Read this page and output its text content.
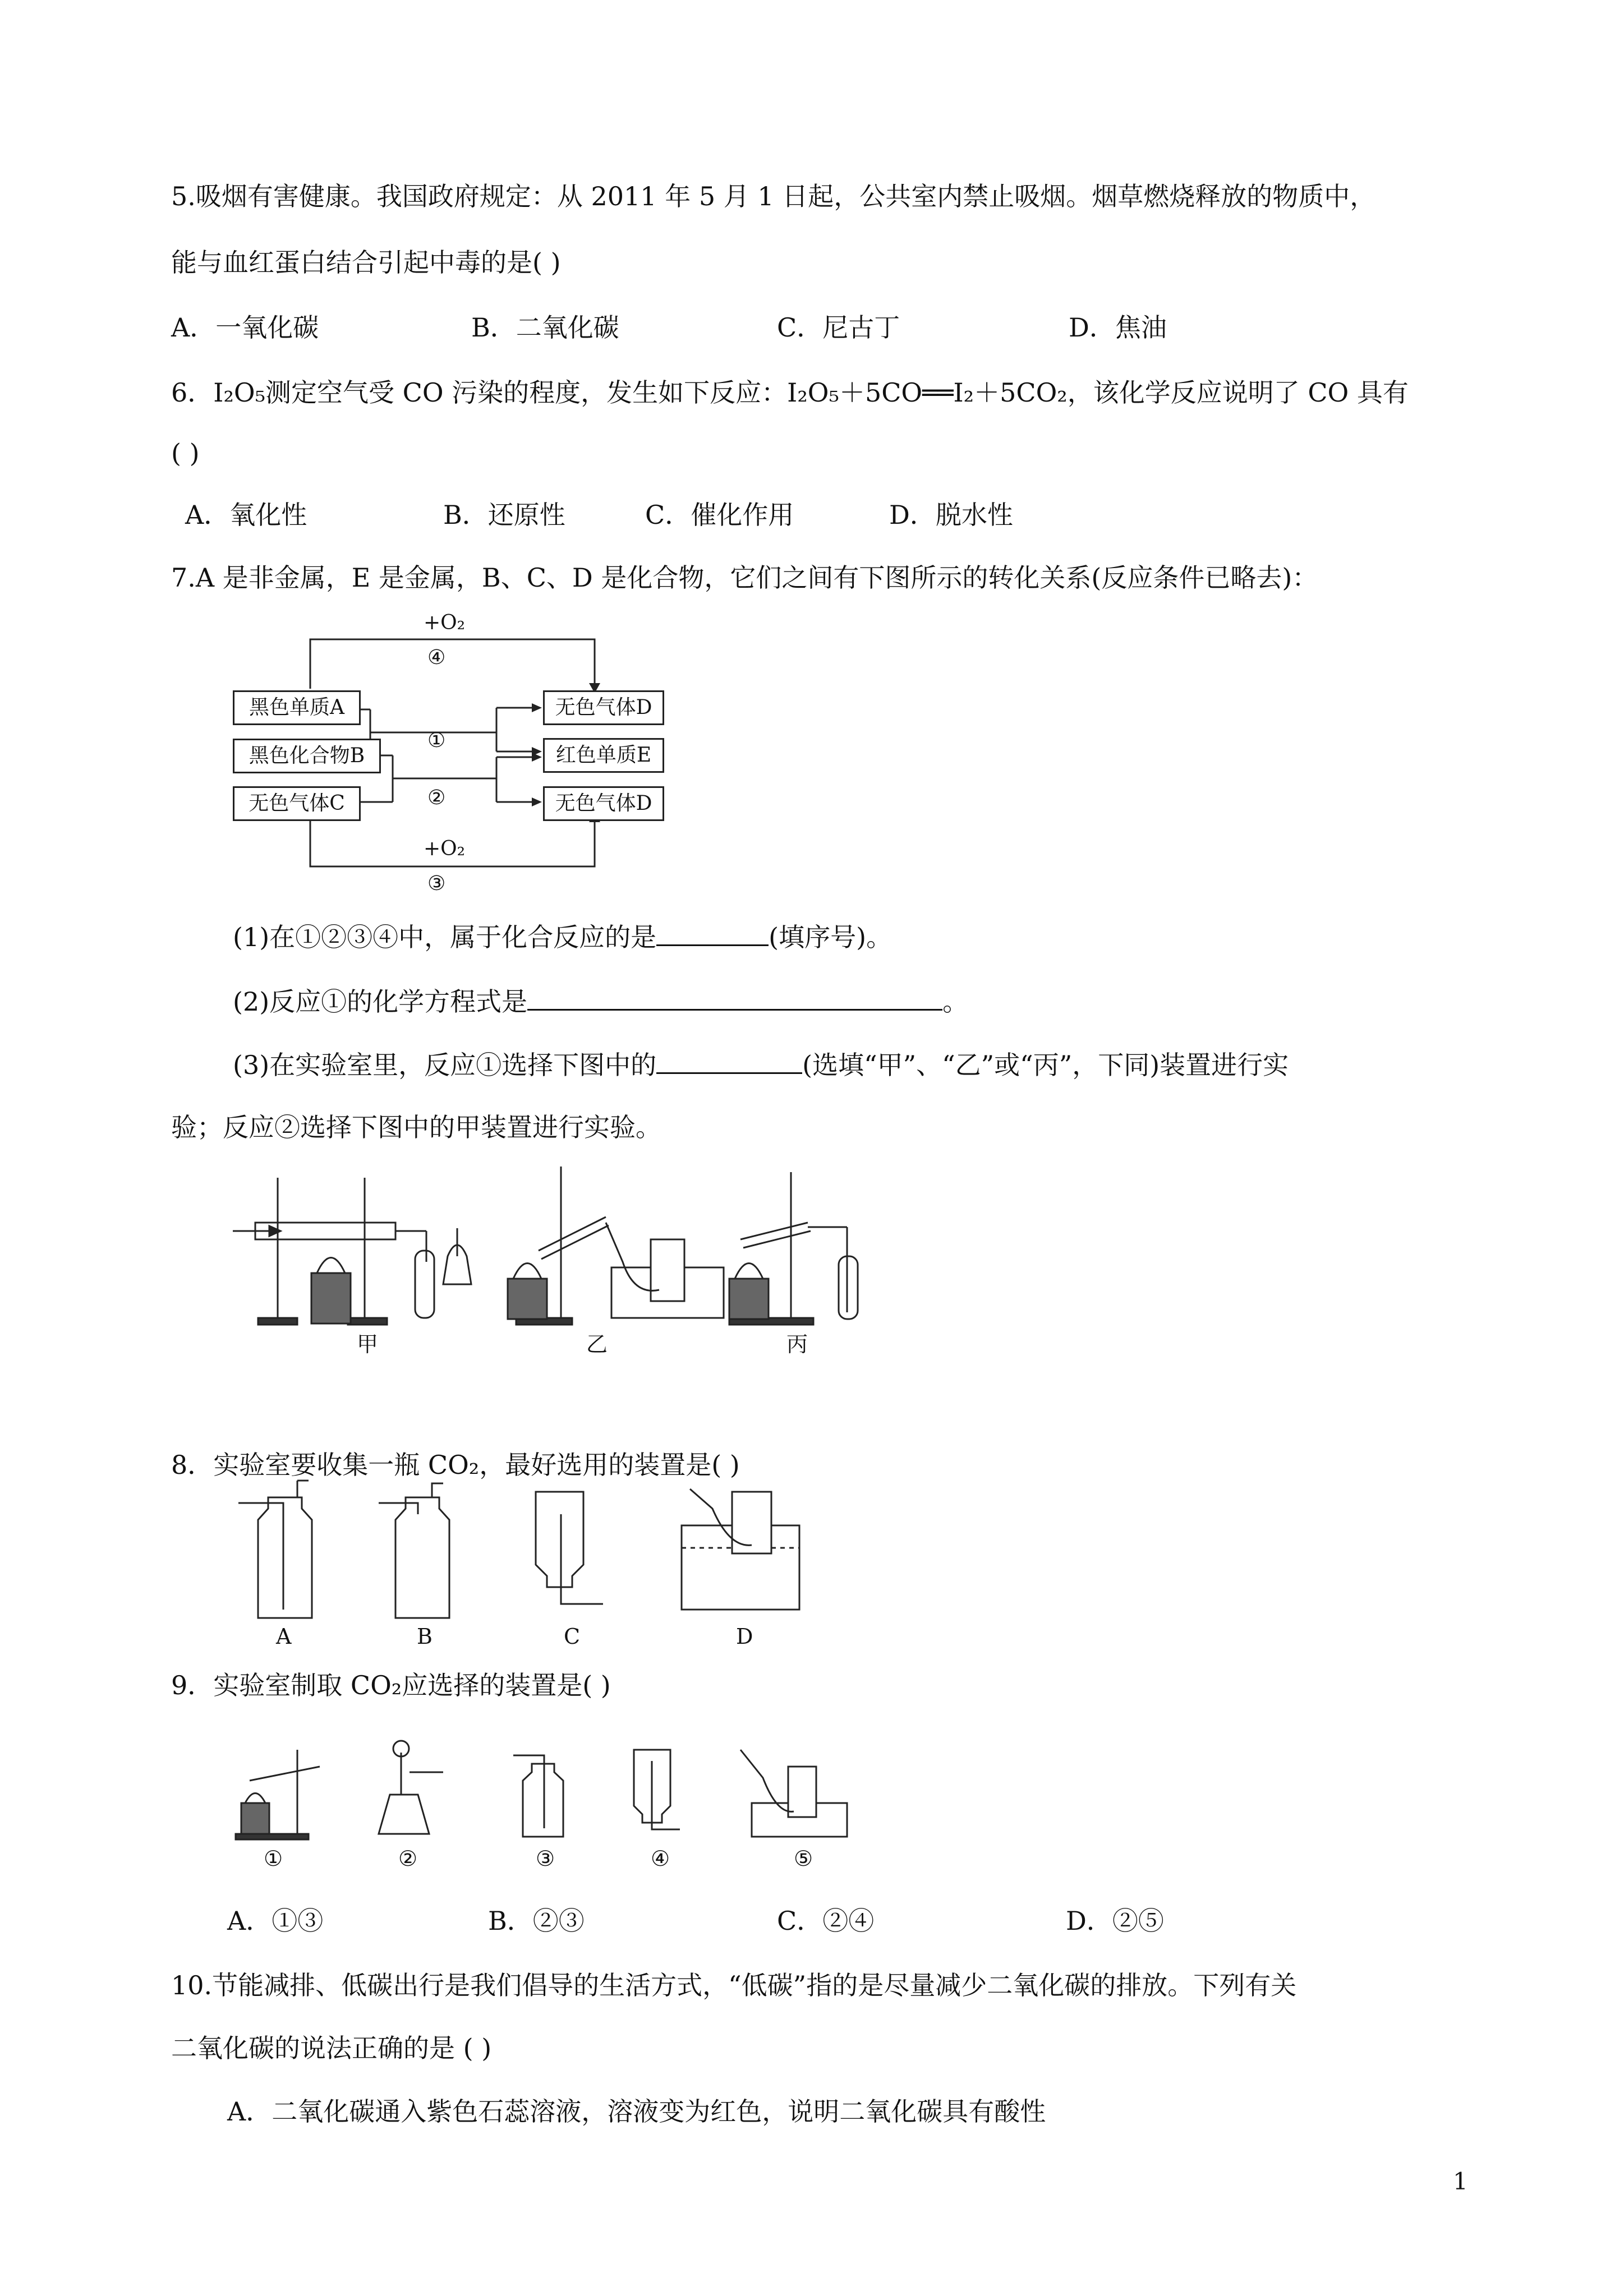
5.吸烟有害健康。我国政府规定：从 2011 年 5 月 1 日起，公共室内禁止吸烟。烟草燃烧释放的物质中，
能与血红蛋白结合引起中毒的是( )
A．一氧化碳	B．二氧化碳	C．尼古丁	D．焦油
6．I₂O₅测定空气受 CO 污染的程度，发生如下反应：I₂O₅＋5CO══I₂＋5CO₂，该化学反应说明了 CO 具有
( )
A．氧化性	B．还原性	C．催化作用	D．脱水性
7.A 是非金属，E 是金属，B、C、D 是化合物，它们之间有下图所示的转化关系(反应条件已略去)：
黑色单质A
黑色化合物B
无色气体C
无色气体D
红色单质E
无色气体D
+O₂
④
①
②
+O₂
③
(1)在①②③④中，属于化合反应的是	(填序号)。
(2)反应①的化学方程式是	。
(3)在实验室里，反应①选择下图中的	(选填“甲”、“乙”或“丙”，下同)装置进行实
验；反应②选择下图中的甲装置进行实验。
甲	乙	丙
8．实验室要收集一瓶 CO₂，最好选用的装置是( )
A	B	C	D
9．实验室制取 CO₂应选择的装置是( )
①	②	③	④	⑤
A．①③	B．②③	C．②④	D．②⑤
10.节能减排、低碳出行是我们倡导的生活方式，“低碳”指的是尽量减少二氧化碳的排放。下列有关
二氧化碳的说法正确的是 ( )
A．二氧化碳通入紫色石蕊溶液，溶液变为红色，说明二氧化碳具有酸性
1
